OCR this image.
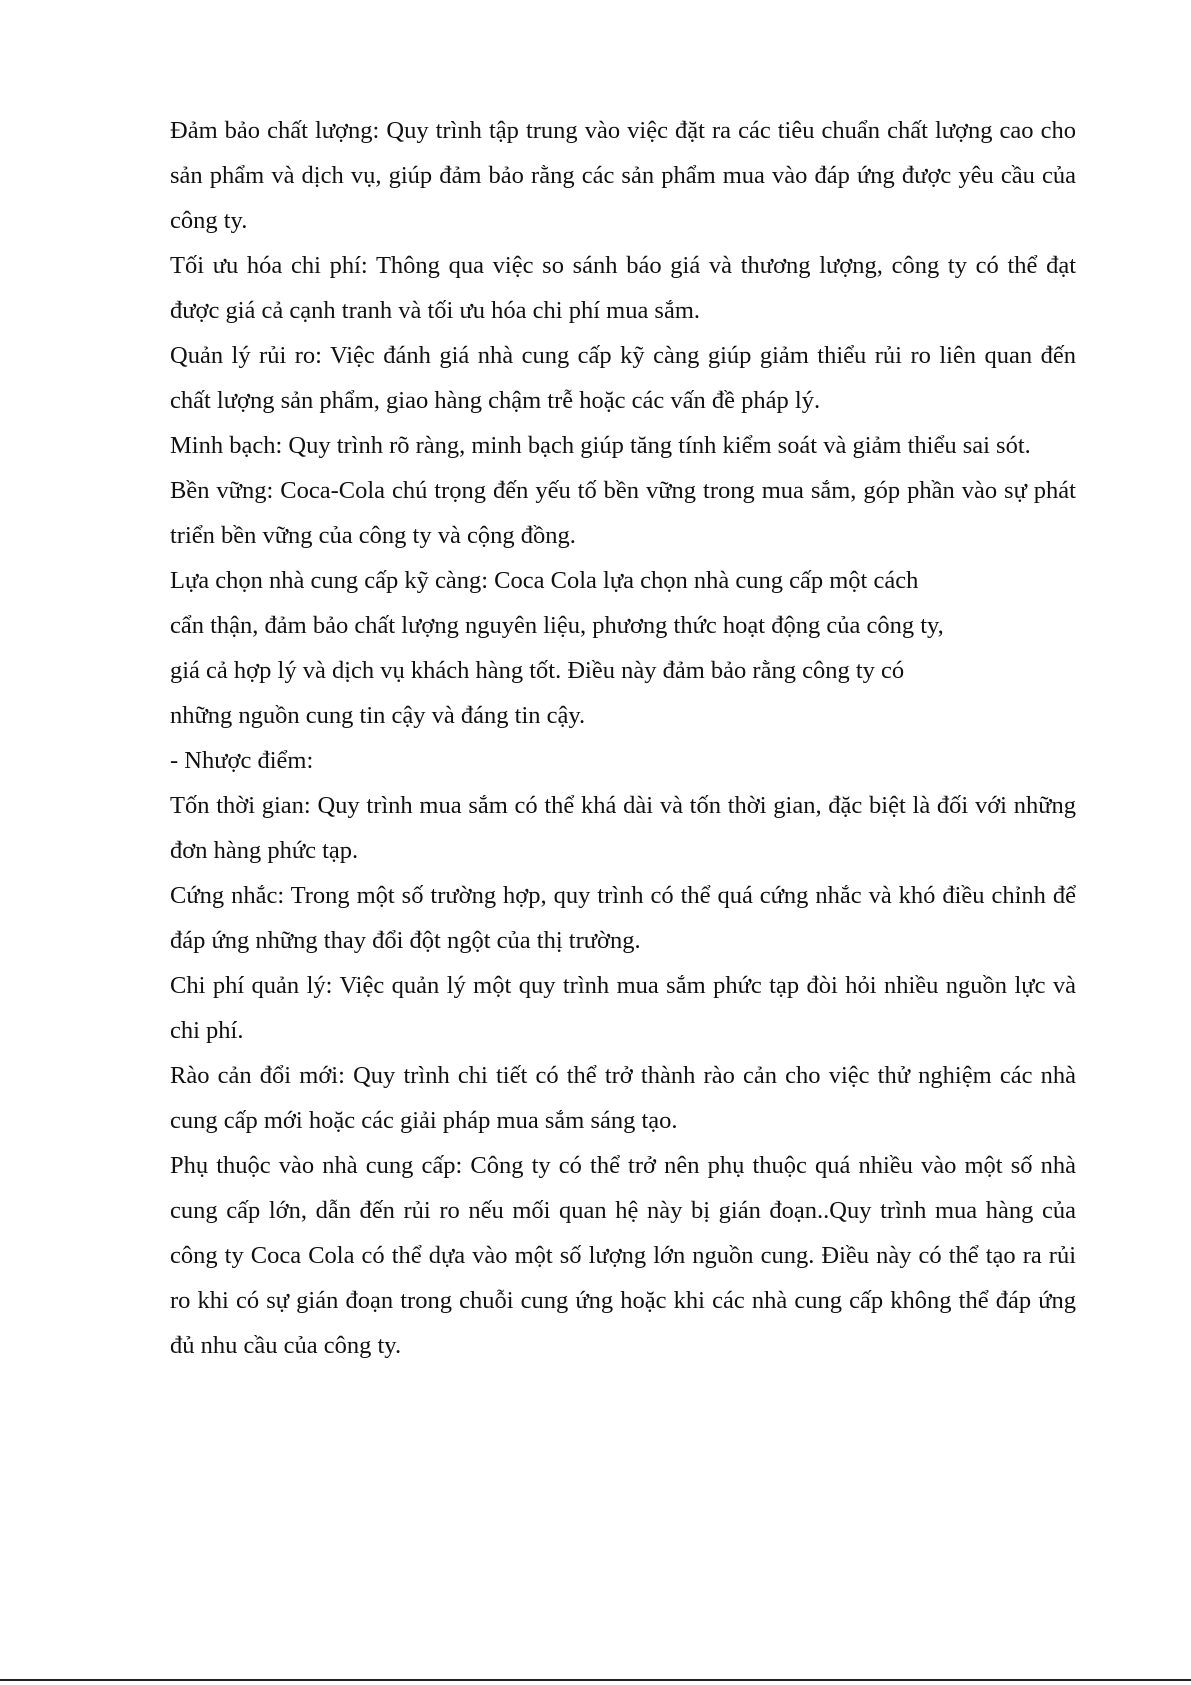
Đảm bảo chất lượng: Quy trình tập trung vào việc đặt ra các tiêu chuẩn chất lượng cao cho sản phẩm và dịch vụ, giúp đảm bảo rằng các sản phẩm mua vào đáp ứng được yêu cầu của công ty.

Tối ưu hóa chi phí: Thông qua việc so sánh báo giá và thương lượng, công ty có thể đạt được giá cả cạnh tranh và tối ưu hóa chi phí mua sắm.

Quản lý rủi ro: Việc đánh giá nhà cung cấp kỹ càng giúp giảm thiểu rủi ro liên quan đến chất lượng sản phẩm, giao hàng chậm trễ hoặc các vấn đề pháp lý.

Minh bạch: Quy trình rõ ràng, minh bạch giúp tăng tính kiểm soát và giảm thiểu sai sót.

Bền vững: Coca-Cola chú trọng đến yếu tố bền vững trong mua sắm, góp phần vào sự phát triển bền vững của công ty và cộng đồng.

Lựa chọn nhà cung cấp kỹ càng: Coca Cola lựa chọn nhà cung cấp một cách
cẩn thận, đảm bảo chất lượng nguyên liệu, phương thức hoạt động của công ty,
giá cả hợp lý và dịch vụ khách hàng tốt. Điều này đảm bảo rằng công ty có
những nguồn cung tin cậy và đáng tin cậy.

- Nhược điểm:

Tốn thời gian: Quy trình mua sắm có thể khá dài và tốn thời gian, đặc biệt là đối với những đơn hàng phức tạp.

Cứng nhắc: Trong một số trường hợp, quy trình có thể quá cứng nhắc và khó điều chỉnh để đáp ứng những thay đổi đột ngột của thị trường.

Chi phí quản lý: Việc quản lý một quy trình mua sắm phức tạp đòi hỏi nhiều nguồn lực và chi phí.

Rào cản đổi mới: Quy trình chi tiết có thể trở thành rào cản cho việc thử nghiệm các nhà cung cấp mới hoặc các giải pháp mua sắm sáng tạo.

Phụ thuộc vào nhà cung cấp: Công ty có thể trở nên phụ thuộc quá nhiều vào một số nhà cung cấp lớn, dẫn đến rủi ro nếu mối quan hệ này bị gián đoạn..Quy trình mua hàng của công ty Coca Cola có thể dựa vào một số lượng lớn nguồn cung. Điều này có thể tạo ra rủi ro khi có sự gián đoạn trong chuỗi cung ứng hoặc khi các nhà cung cấp không thể đáp ứng đủ nhu cầu của công ty.
